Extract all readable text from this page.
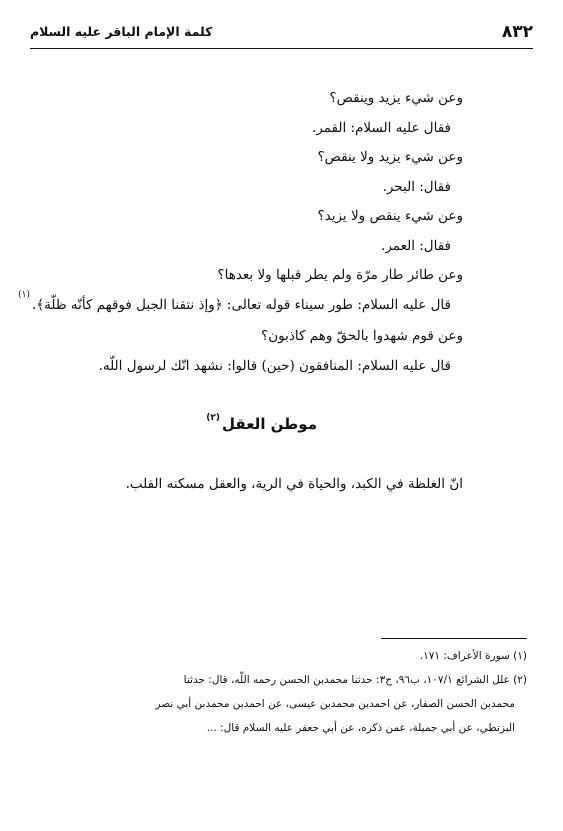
٨٣٢
كلمة الإمام الباقر عليه السلام
وعن شيء يزيد وينقص؟
فقال عليه السلام: القمر.
وعن شيء يزيد ولا ينقص؟
فقال: البحر.
وعن شيء ينقص ولا يزيد؟
فقال: العمر.
وعن طائر طار مرّة ولم يطر قبلها ولا بعدها؟
قال عليه السلام: طور سيناء قوله تعالى: ﴿وإذ نتقنا الجبل فوقهم كأنّه ظلّة﴾.$^{(١)}$
وعن قوم شهدوا بالحقّ وهم كاذبون؟
قال عليه السلام: المنافقون (حين) قالوا: نشهد انّك لرسول اللّه.
موطن العقل$^{(٢)}$
انّ الغلظة في الكبد، والحياة في الرية، والعقل مسكنه القلب.
(١) سورة الأعراف: ١٧١.
(٢) علل الشرائع ١٠٧/١، ب٩٦، ح٣: حدثنا محمدبن الحسن رحمه اللّه، قال: حدثنا
محمدبن الحسن الصفار، عن احمدبن محمدبن عيسى، عن احمدبن محمدبن أبي نصر
البزنطي، عن أبي جميلة، عمن ذكره، عن أبي جعفر عليه السلام قال: ...
